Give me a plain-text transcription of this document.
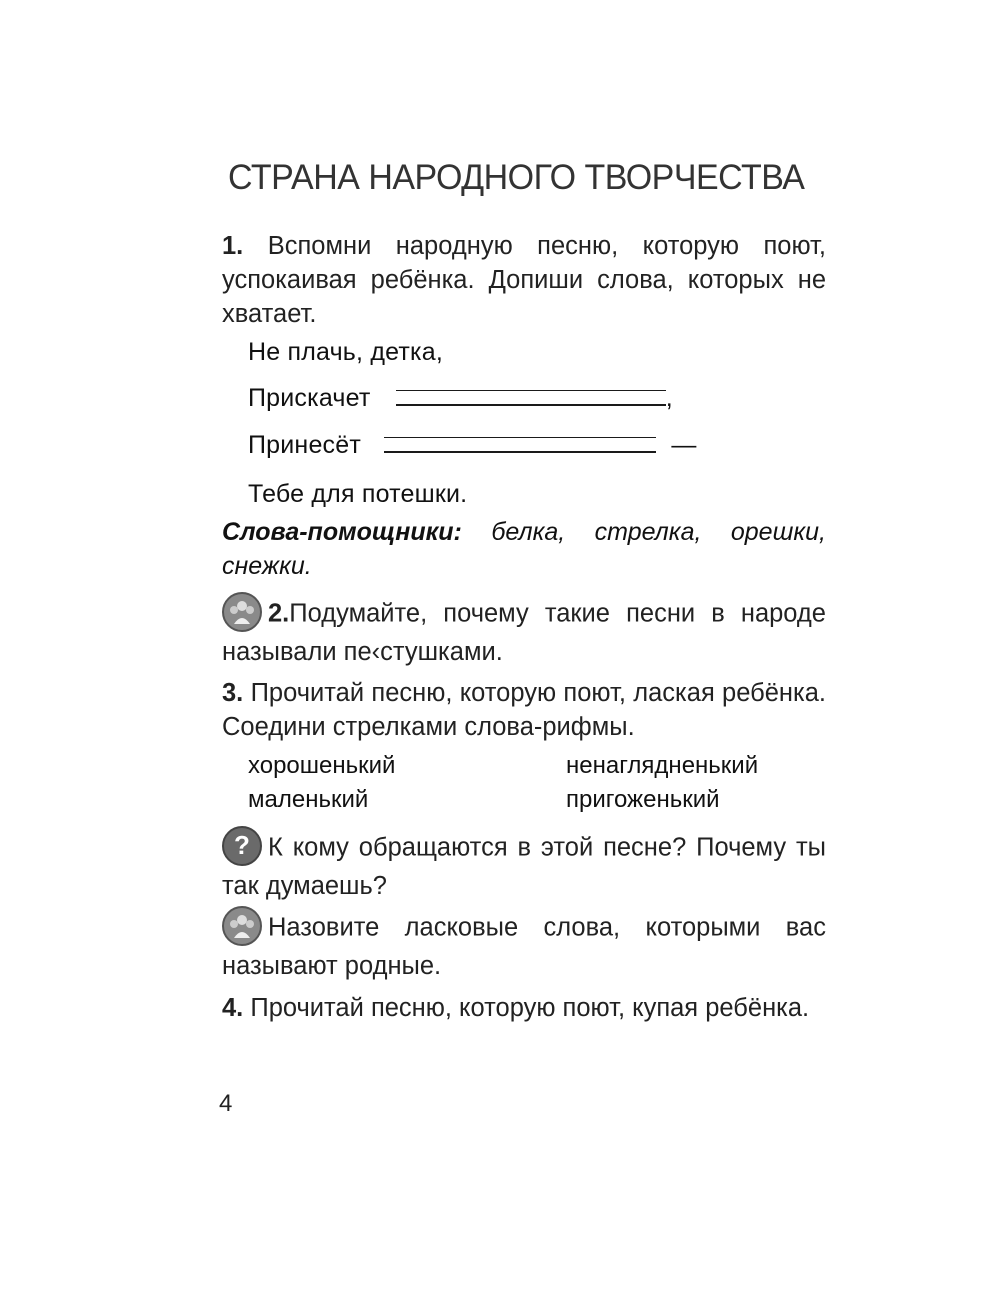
СТРАНА НАРОДНОГО ТВОРЧЕСТВА
1. Вспомни народную песню, которую поют, успокаивая ребёнка. Допиши слова, которых не хватает.
Не плачь, детка,
Прискачет	,
Принесёт	—
Тебе для потешки.
Слова-помощники: белка, стрелка, орешки, снежки.
2.Подумайте, почему такие песни в народе называли пе‹стушками.
3. Прочитай песню, которую поют, лаская ребёнка. Соедини стрелками слова-рифмы.
хорошенький
маленький
ненаглядненький
пригоженький
? К кому обращаются в этой песне? Почему ты так думаешь?
Назовите ласковые слова, которыми вас называют родные.
4. Прочитай песню, которую поют, купая ребёнка.
4
